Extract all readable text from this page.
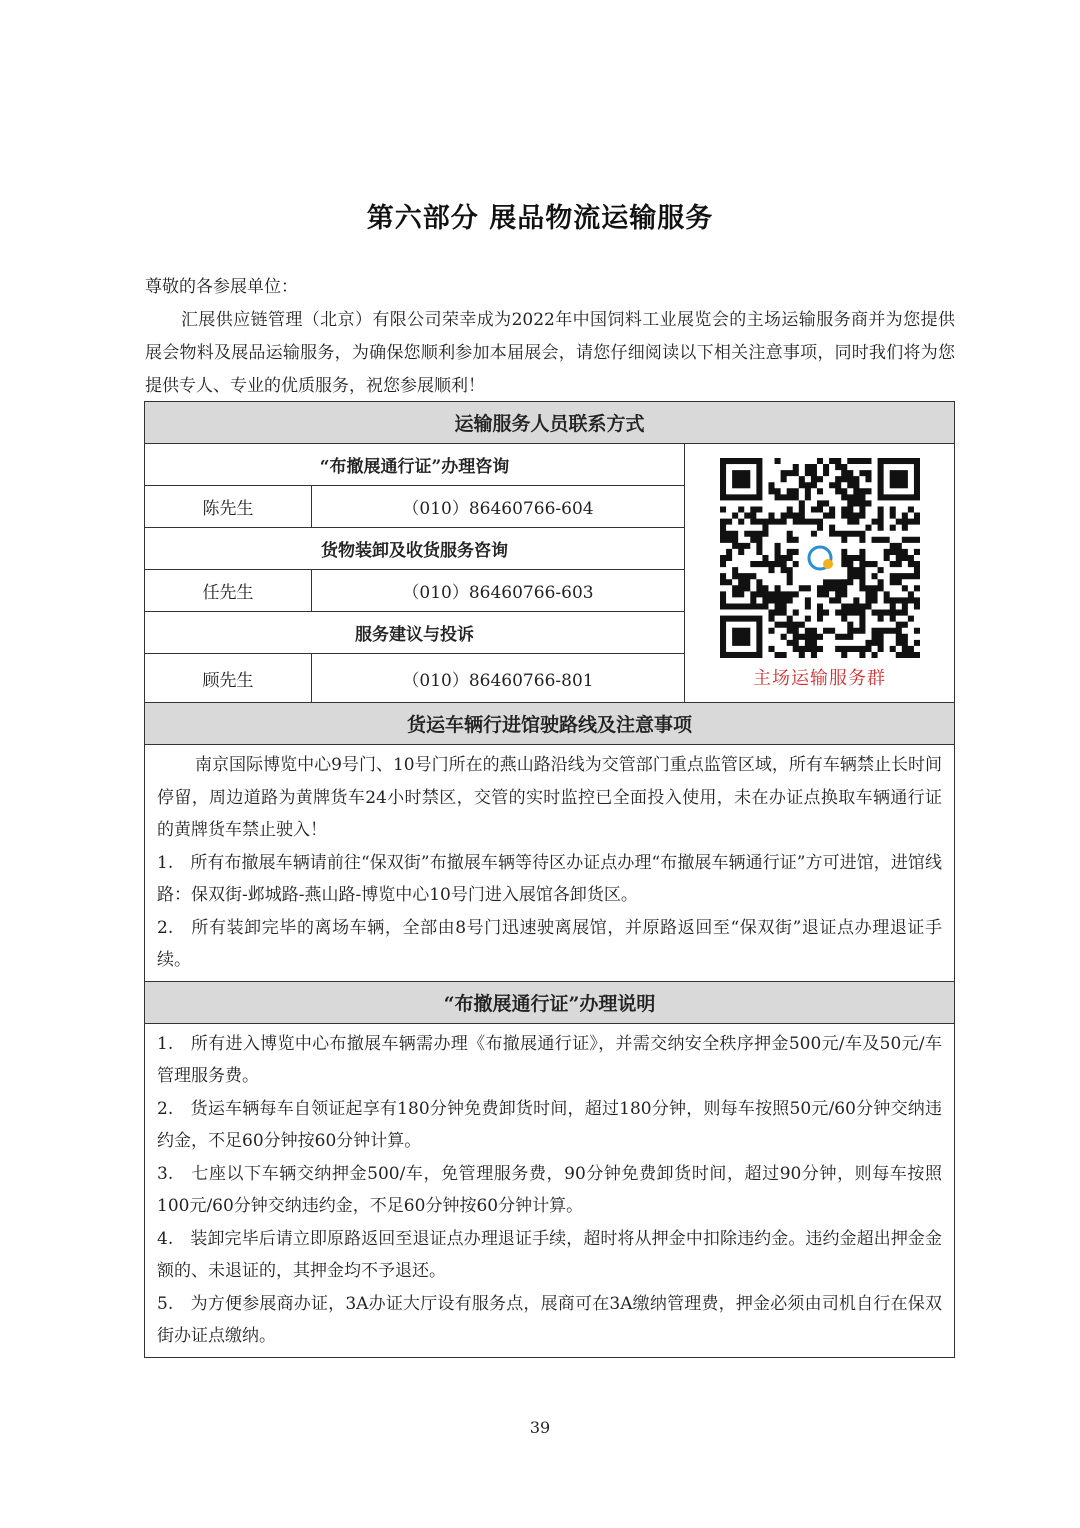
第六部分 展品物流运输服务
尊敬的各参展单位：
汇展供应链管理（北京）有限公司荣幸成为2022年中国饲料工业展览会的主场运输服务商并为您提供展会物料及展品运输服务，为确保您顺利参加本届展会，请您仔细阅读以下相关注意事项，同时我们将为您提供专人、专业的优质服务，祝您参展顺利！
运输服务人员联系方式		
“布撤展通行证”办理咨询		主场运输服务群

陈先生	（010）86460766-604	
货物装卸及收货服务咨询		
任先生	（010）86460766-603	
服务建议与投诉		
顾先生	（010）86460766-801	
货运车辆行进馆驶路线及注意事项		

南京国际博览中心9号门、10号门所在的燕山路沿线为交管部门重点监管区域，所有车辆禁止长时间停留，周边道路为黄牌货车24小时禁区，交管的实时监控已全面投入使用，未在办证点换取车辆通行证的黄牌货车禁止驶入！

1.　所有布撤展车辆请前往“保双街”布撤展车辆等待区办证点办理“布撤展车辆通行证”方可进馆，进馆线路：保双街-邺城路-燕山路-博览中心10号门进入展馆各卸货区。

2.　所有装卸完毕的离场车辆，全部由8号门迅速驶离展馆，并原路返回至“保双街”退证点办理退证手续。		

“布撤展通行证”办理说明		

1.　所有进入博览中心布撤展车辆需办理《布撤展通行证》，并需交纳安全秩序押金500元/车及50元/车管理服务费。

2.　货运车辆每车自领证起享有180分钟免费卸货时间，超过180分钟，则每车按照50元/60分钟交纳违约金，不足60分钟按60分钟计算。

3.　七座以下车辆交纳押金500/车，免管理服务费，90分钟免费卸货时间，超过90分钟，则每车按照100元/60分钟交纳违约金，不足60分钟按60分钟计算。

4.　装卸完毕后请立即原路返回至退证点办理退证手续，超时将从押金中扣除违约金。违约金超出押金金额的、未退证的，其押金均不予退还。

5.　为方便参展商办证，3A办证大厅设有服务点，展商可在3A缴纳管理费，押金必须由司机自行在保双街办证点缴纳。		

39
